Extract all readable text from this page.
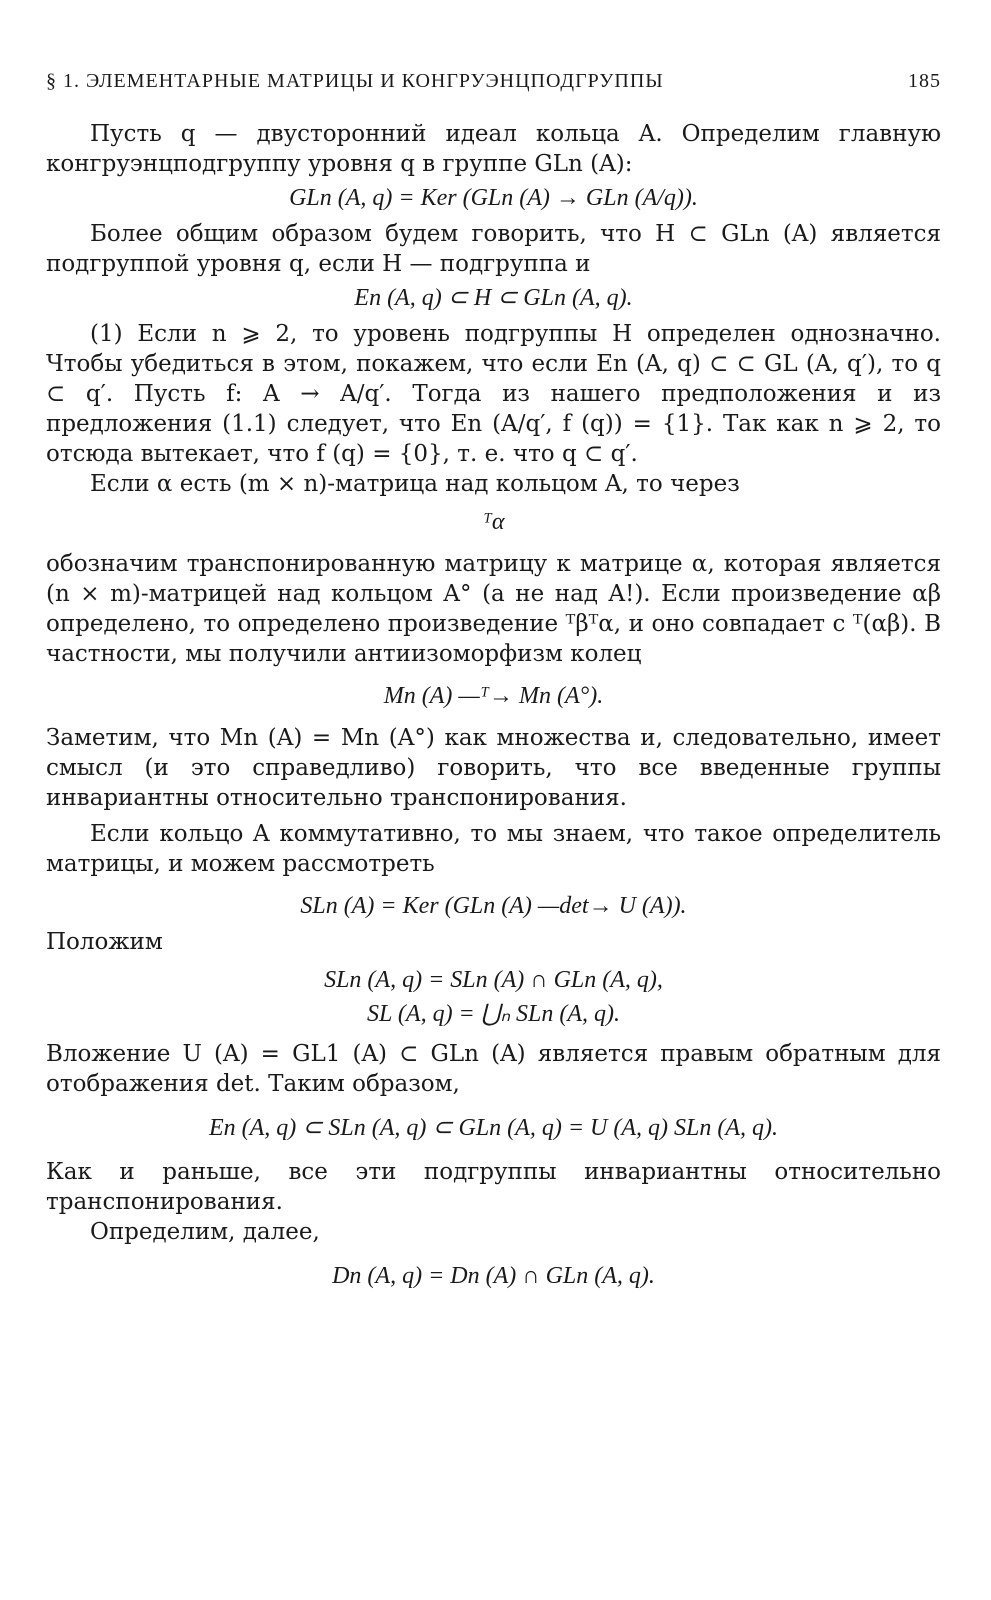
§ 1. ЭЛЕМЕНТАРНЫЕ МАТРИЦЫ И КОНГРУЭНЦПОДГРУППЫ	185

Пусть q — двусторонний идеал кольца A. Определим главную конгруэнцподгруппу уровня q в группе GLn (A):

GLn (A, q) = Ker (GLn (A) → GLn (A/q)).

Более общим образом будем говорить, что H ⊂ GLn (A) является подгруппой уровня q, если H — подгруппа и

En (A, q) ⊂ H ⊂ GLn (A, q).

(1) Если n ⩾ 2, то уровень подгруппы H определен однозначно. Чтобы убедиться в этом, покажем, что если En (A, q) ⊂ ⊂ GL (A, q′), то q ⊂ q′. Пусть f: A → A/q′. Тогда из нашего предположения и из предложения (1.1) следует, что En (A/q′, f (q)) = {1}. Так как n ⩾ 2, то отсюда вытекает, что f (q) = {0}, т. е. что q ⊂ q′.

Если α есть (m × n)-матрица над кольцом A, то через

ᵀα

обозначим транспонированную матрицу к матрице α, которая является (n × m)-матрицей над кольцом A° (а не над A!). Если произведение αβ определено, то определено произведение ᵀβᵀα, и оно совпадает с ᵀ(αβ). В частности, мы получили антиизоморфизм колец

Mn (A) —ᵀ→ Mn (A°).

Заметим, что Mn (A) = Mn (A°) как множества и, следовательно, имеет смысл (и это справедливо) говорить, что все введенные группы инвариантны относительно транспонирования.

Если кольцо A коммутативно, то мы знаем, что такое определитель матрицы, и можем рассмотреть

SLn (A) = Ker (GLn (A) —det→ U (A)).

Положим

SLn (A, q) = SLn (A) ∩ GLn (A, q),
SL (A, q) = ⋃ₙ SLn (A, q).

Вложение U (A) = GL1 (A) ⊂ GLn (A) является правым обратным для отображения det. Таким образом,

En (A, q) ⊂ SLn (A, q) ⊂ GLn (A, q) = U (A, q) SLn (A, q).

Как и раньше, все эти подгруппы инвариантны относительно транспонирования.

Определим, далее,

Dn (A, q) = Dn (A) ∩ GLn (A, q).
